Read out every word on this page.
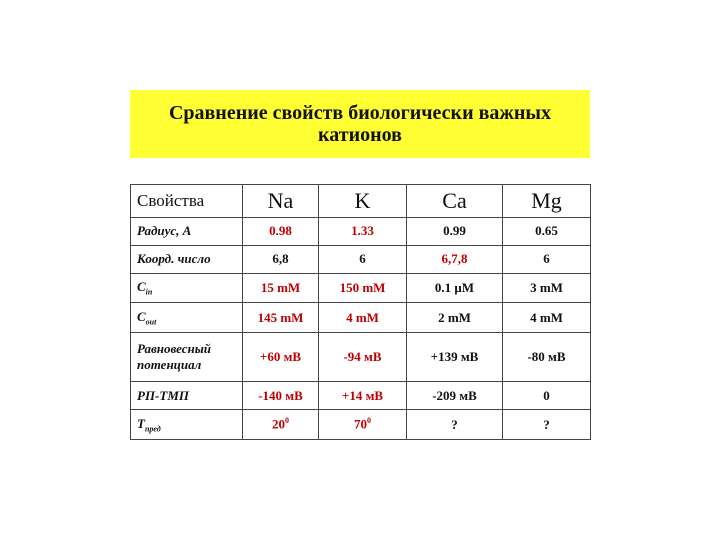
Сравнение свойств биологически важных
катионов
Свойства	Na	K	Ca	Mg
Радиус, A	0.98	1.33	0.99	0.65
Коорд. число	6,8	6	6,7,8	6
$C_{in}$	15 mM	150 mM	0.1 μM	3 mM
$C_{out}$	145 mM	4 mM	2 mM	4 mM
Равновесный потенциал	+60 мВ	-94 мВ	+139 мВ	-80 мВ
РП-ТМП	-140 мВ	+14 мВ	-209 мВ	0
$T_{пред}$	$20^0$	$70^0$	?	?
